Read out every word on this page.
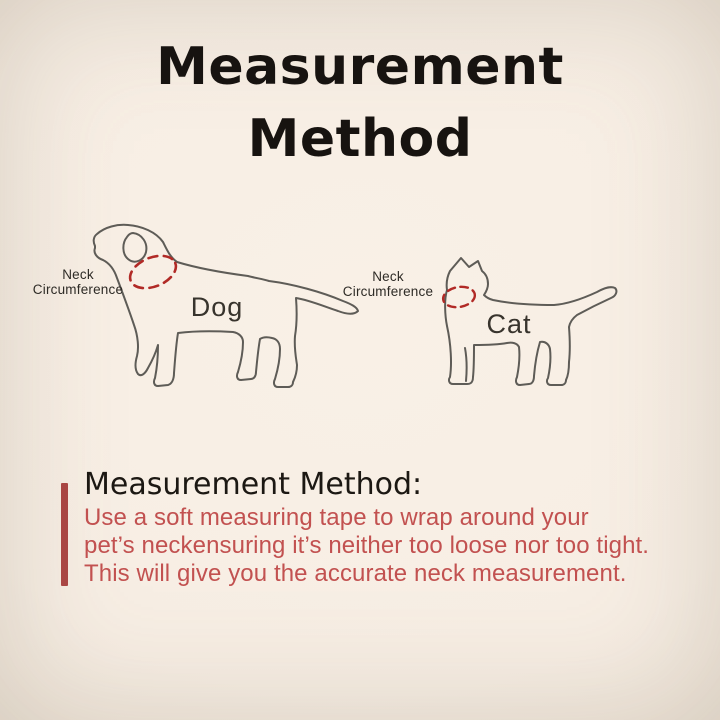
Measurement
Method
Neck
Circumference
Neck
Circumference
Dog
Cat
Measurement Method:
Use a soft measuring tape to wrap around your
pet’s neckensuring it’s neither too loose nor too tight.
This will give you the accurate neck measurement.
